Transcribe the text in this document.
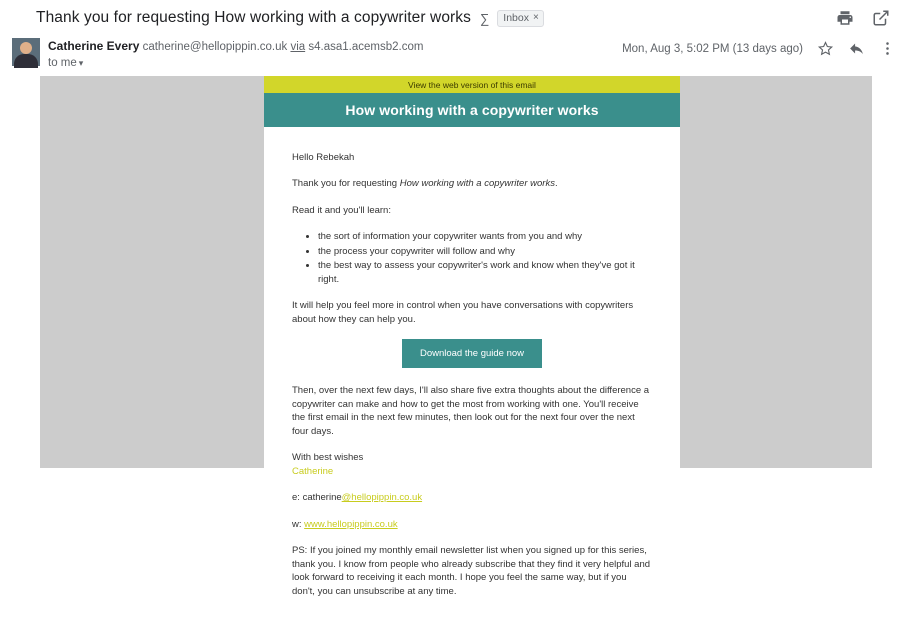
Thank you for requesting How working with a copywriter works ∑ Inbox ×
Catherine Every catherine@hellopippin.co.uk via s4.asa1.acemsb2.com
to me ▾
Mon, Aug 3, 5:02 PM (13 days ago)
View the web version of this email
How working with a copywriter works

Hello Rebekah

Thank you for requesting How working with a copywriter works.

Read it and you'll learn:

• the sort of information your copywriter wants from you and why
• the process your copywriter will follow and why
• the best way to assess your copywriter's work and know when they've got it right.

It will help you feel more in control when you have conversations with copywriters about how they can help you.

Download the guide now

Then, over the next few days, I'll also share five extra thoughts about the difference a copywriter can make and how to get the most from working with one. You'll receive the first email in the next few minutes, then look out for the next four over the next four days.

With best wishes

Catherine

e: catherine@hellopippin.co.uk

w: www.hellopippin.co.uk

PS: If you joined my monthly email newsletter list when you signed up for this series, thank you. I know from people who already subscribe that they find it very helpful and look forward to receiving it each month. I hope you feel the same way, but if you don't, you can unsubscribe at any time.
